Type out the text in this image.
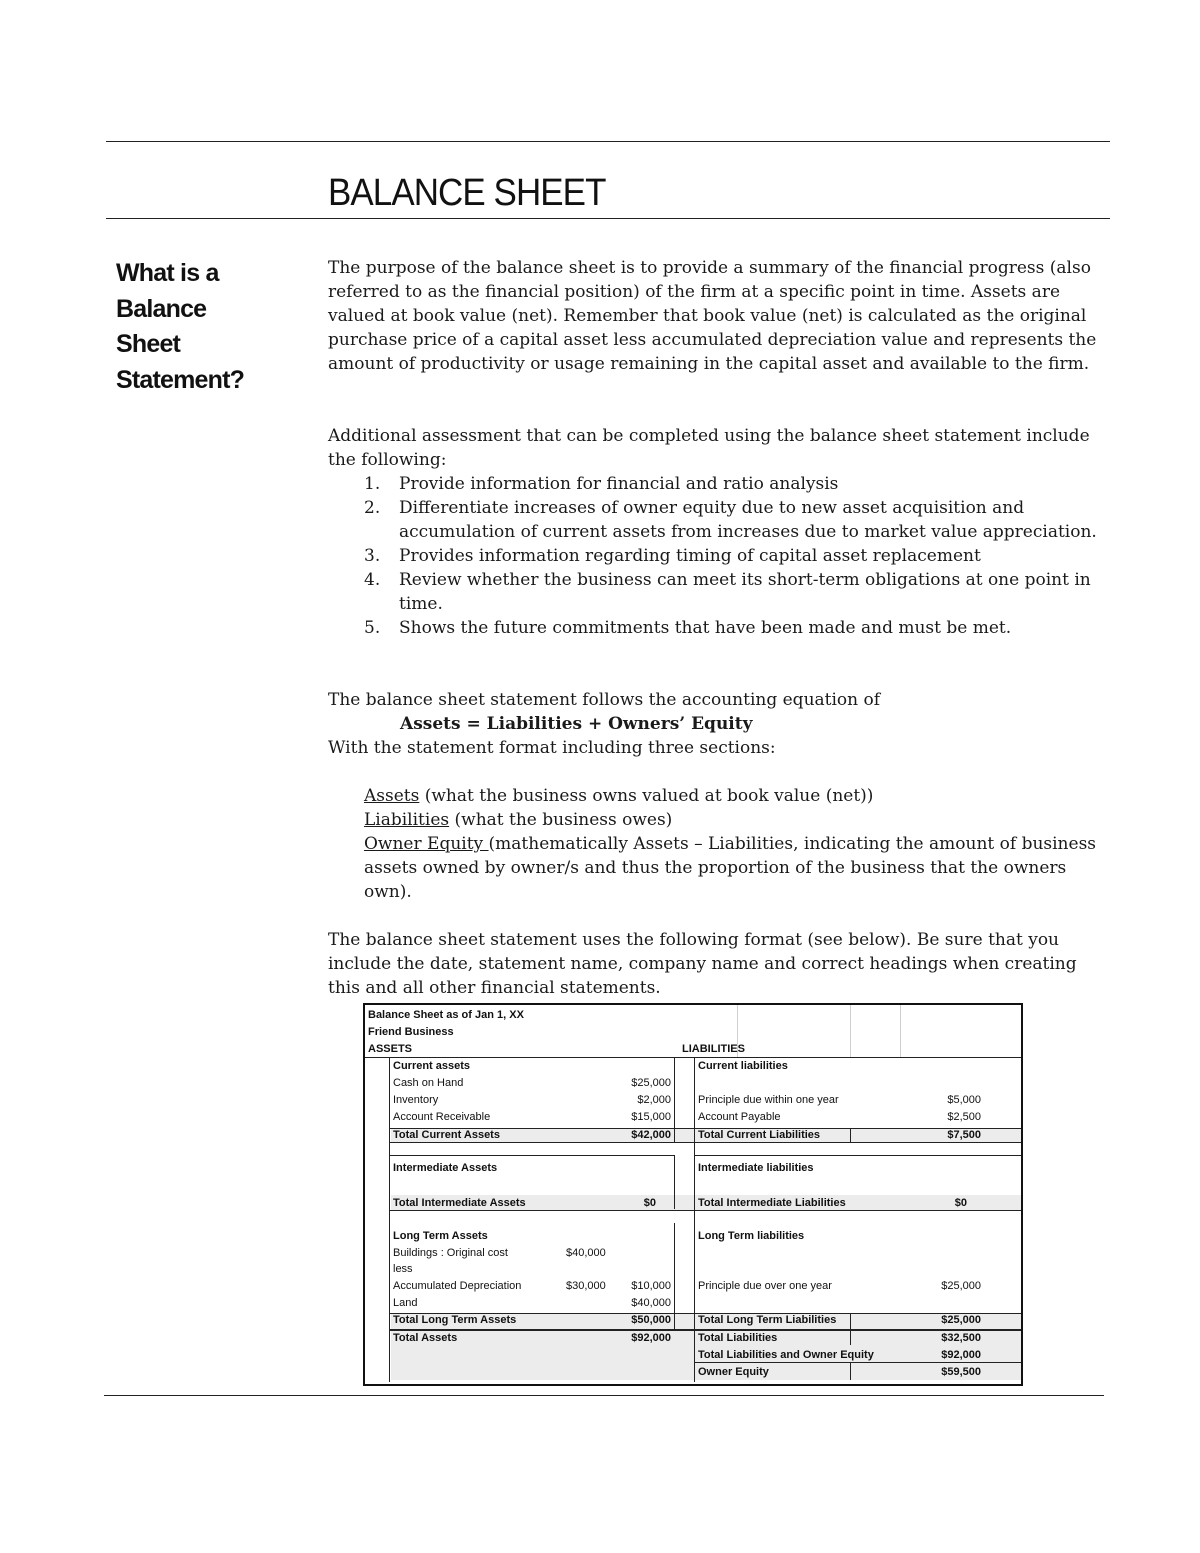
BALANCE SHEET
What is a
Balance
Sheet
Statement?

The purpose of the balance sheet is to provide a summary of the financial progress (also referred to as the financial position) of the firm at a specific point in time. Assets are valued at book value (net). Remember that book value (net) is calculated as the original purchase price of a capital asset less accumulated depreciation value and represents the amount of productivity or usage remaining in the capital asset and available to the firm.

Additional assessment that can be completed using the balance sheet statement include the following:

1. Provide information for financial and ratio analysis
2. Differentiate increases of owner equity due to new asset acquisition and accumulation of current assets from increases due to market value appreciation.
3. Provides information regarding timing of capital asset replacement
4. Review whether the business can meet its short-term obligations at one point in time.
5. Shows the future commitments that have been made and must be met.
The balance sheet statement follows the accounting equation of
Assets = Liabilities + Owners’ Equity
With the statement format including three sections:
Assets (what the business owns valued at book value (net))
Liabilities (what the business owes)
Owner Equity (mathematically Assets – Liabilities, indicating the amount of business assets owned by owner/s and thus the proportion of the business that the owners own).

The balance sheet statement uses the following format (see below). Be sure that you include the date, statement name, company name and correct headings when creating this and all other financial statements.

Balance Sheet as of Jan 1, XX
Friend Business
ASSETS	LIABILITIES
Current assets	Current liabilities
Cash on Hand	$25,000
Inventory	$2,000 Principle due within one year	$5,000
Account Receivable	$15,000 Account Payable	$2,500
Total Current Assets	$42,000 Total Current Liabilities	$7,500
Intermediate Assets	Intermediate liabilities
Total Intermediate Assets	$0	Total Intermediate Liabilities	$0
Long Term Assets	Long Term liabilities
Buildings : Original cost	$40,000
less
Accumulated Depreciation	$30,000 $10,000 Principle due over one year	$25,000
Land	$40,000
Total Long Term Assets	$50,000 Total Long Term Liabilities	$25,000
Total Assets	$92,000 Total Liabilities	$32,500
Total Liabilities and Owner Equity	$92,000
Owner Equity	$59,500
